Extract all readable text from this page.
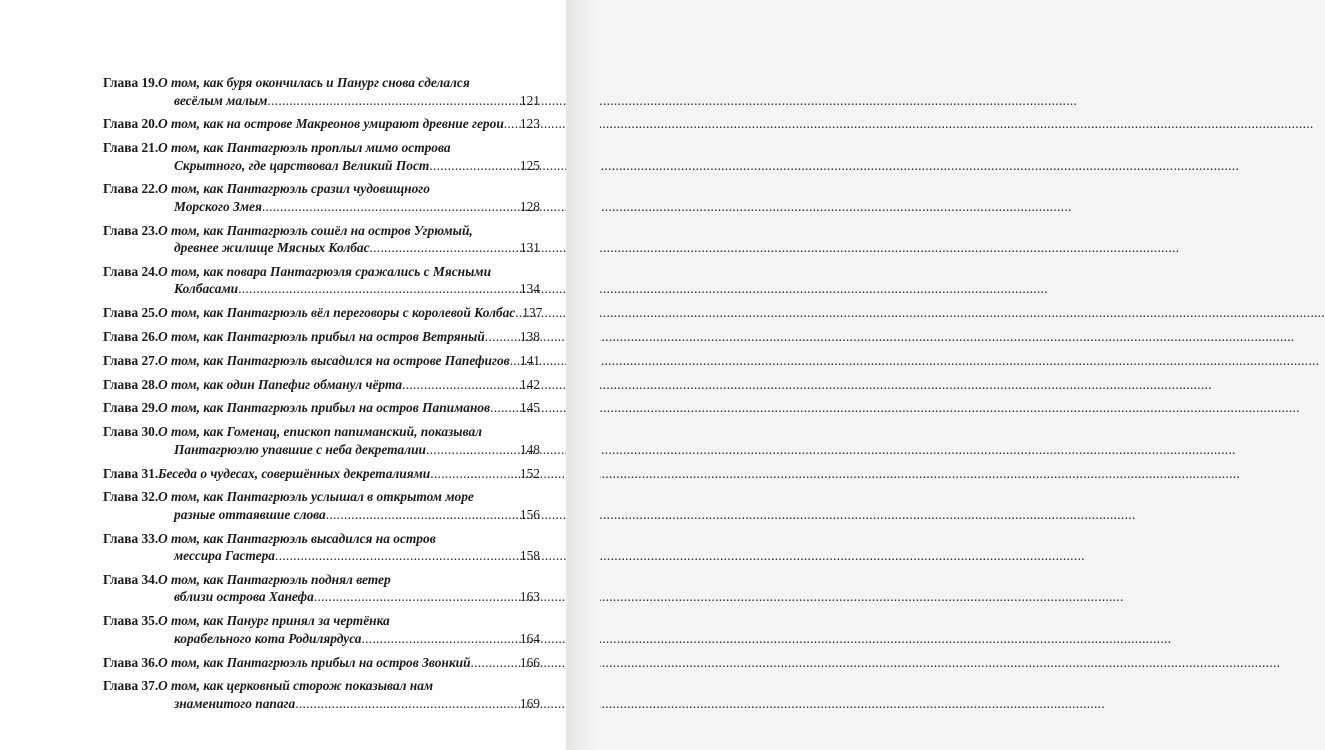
Глава 19. О том, как буря окончилась и Панург снова сделался
весёлым малым .....	121
Глава 20. О том, как на острове Макреонов умирают древние герои ..... 123
Глава 21. О том, как Пантагрюэль проплыл мимо острова
Скрытного, где царствовал Великий Пост .....	125
Глава 22. О том, как Пантагрюэль сразил чудовищного
Морского Змея .....	128
Глава 23. О том, как Пантагрюэль сошёл на остров Угрюмый,
древнее жилище Мясных Колбас .....	131
Глава 24. О том, как повара Пантагрюэля сражались с Мясными
Колбасами .....	134
Глава 25. О том, как Пантагрюэль вёл переговоры с королевой Колбас ..... 137
Глава 26. О том, как Пантагрюэль прибыл на остров Ветряный .....	138
Глава 27. О том, как Пантагрюэль высадился на острове Папефигов ..... 141
Глава 28. О том, как один Папефиг обманул чёрта .....	142
Глава 29. О том, как Пантагрюэль прибыл на остров Папиманов ..... 145
Глава 30. О том, как Гоменац, епископ папиманский, показывал
Пантагрюэлю упавшие с неба декреталии .....	148
Глава 31. Беседа о чудесах, совершённых декреталиями .....	152
Глава 32. О том, как Пантагрюэль услышал в открытом море
разные оттаявшие слова .....	156
Глава 33. О том, как Пантагрюэль высадился на остров
мессира Гастера .....	158
Глава 34. О том, как Пантагрюэль поднял ветер
вблизи острова Ханефа .....	163
Глава 35. О том, как Панург принял за чертёнка
корабельного кота Родилярдуса .....	164
Глава 36. О том, как Пантагрюэль прибыл на остров Звонкий .....	166
Глава 37. О том, как церковный сторож показывал нам
знаменитого папага .....	169
